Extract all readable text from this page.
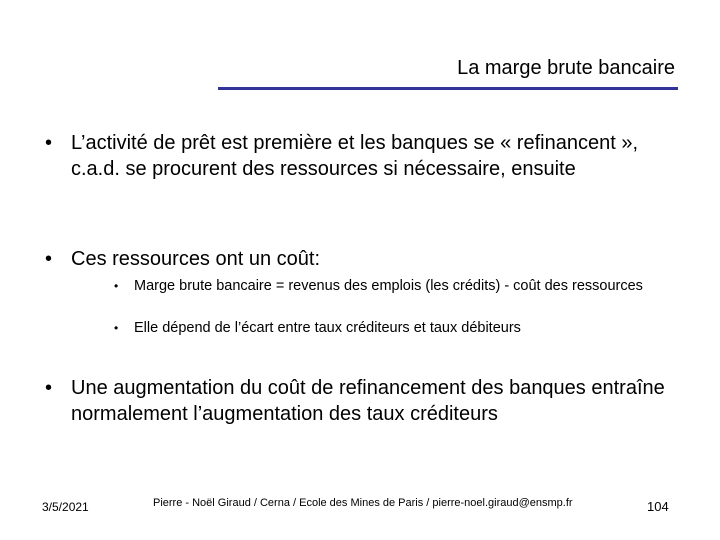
La marge brute bancaire
• L’activité de prêt est première et les banques se « refinancent », c.a.d. se procurent des ressources si nécessaire, ensuite
• Ces ressources ont un coût:
• Marge brute bancaire = revenus des emplois (les crédits) - coût des ressources
• Elle dépend de l’écart entre taux créditeurs et taux débiteurs
• Une augmentation du coût de refinancement des banques entraîne normalement l’augmentation des taux créditeurs
3/5/2021	Pierre - Noël Giraud / Cerna / Ecole des Mines de Paris / pierre-noel.giraud@ensmp.fr	104
